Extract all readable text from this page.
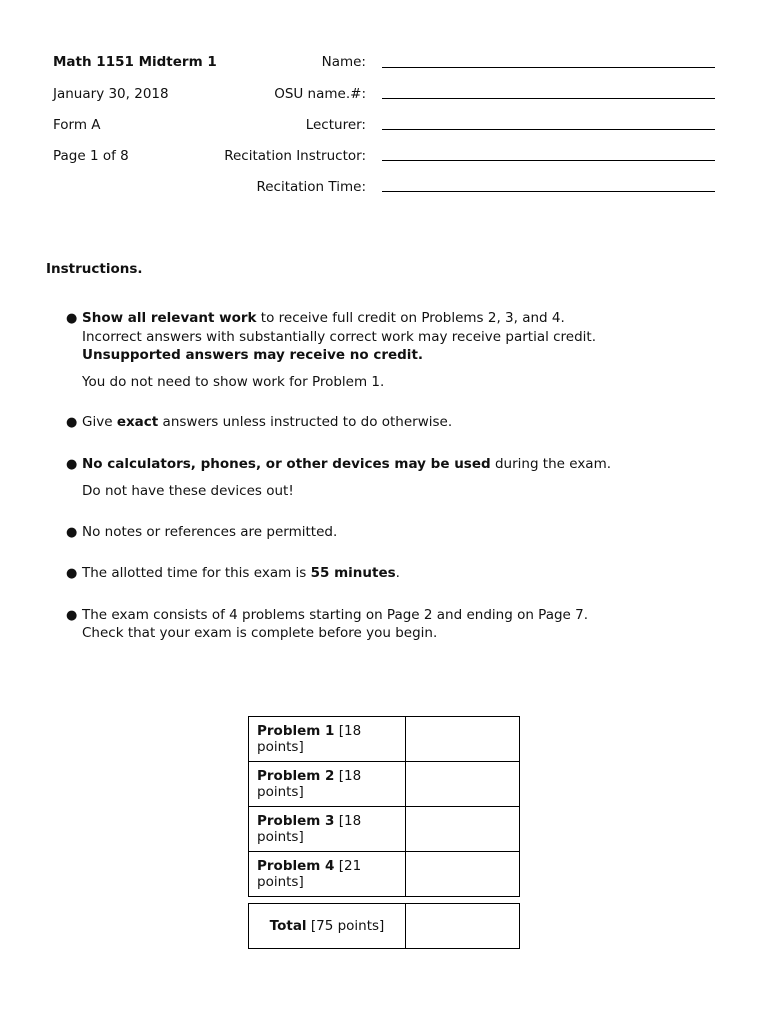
Math 1151 Midterm 1
January 30, 2018
Form A
Page 1 of 8
Name:
OSU name.#:
Lecturer:
Recitation Instructor:
Recitation Time:
Instructions.
● Show all relevant work to receive full credit on Problems 2, 3, and 4.
Incorrect answers with substantially correct work may receive partial credit.
Unsupported answers may receive no credit.
You do not need to show work for Problem 1.
● Give exact answers unless instructed to do otherwise.
● No calculators, phones, or other devices may be used during the exam.
Do not have these devices out!
● No notes or references are permitted.
● The allotted time for this exam is 55 minutes.
● The exam consists of 4 problems starting on Page 2 and ending on Page 7.
Check that your exam is complete before you begin.
Problem 1 [18 points]	
Problem 2 [18 points]	
Problem 3 [18 points]	
Problem 4 [21 points]	
Total [75 points]	
